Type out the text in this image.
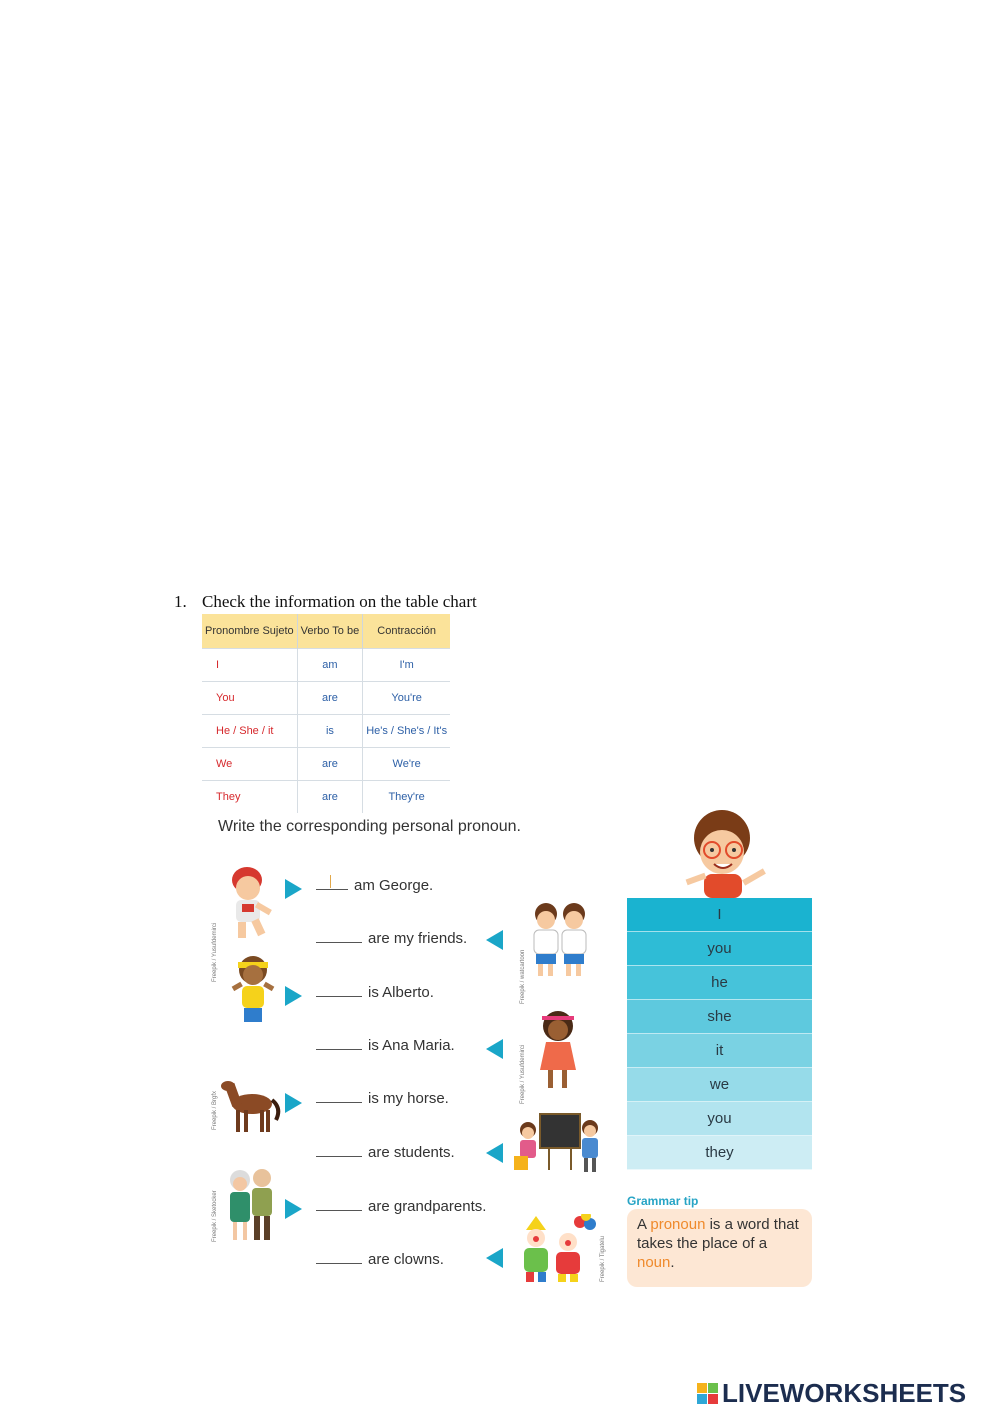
1. Check the information on the table chart
Pronombre Sujeto	Verbo To be	Contracción
I	am	I'm
You	are	You're
He / She / it	is	He's / She's / It's
We	are	We're
They	are	They're
Write the corresponding personal pronoun.
am George.
are my friends.
is Alberto.
is Ana Maria.
is my horse.
are students.
are grandparents.
are clowns.
Freepik / Yusufdemirci
Freepik / Brgfx
Freepik / Sketocker
Freepik / watcartoon
Freepik / Yusufdemirci
Freepik / Tigatelu
I
you
he
she
it
we
you
they
Grammar tip
A pronoun is a word that takes the place of a noun.
LIVEWORKSHEETS
